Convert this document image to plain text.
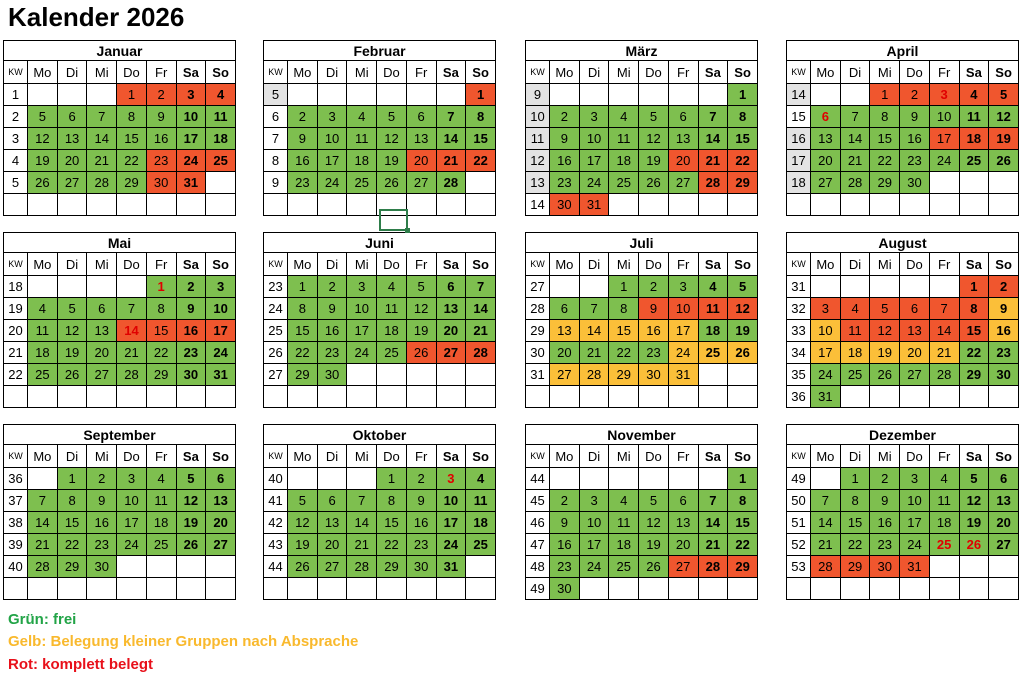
Kalender 2026
Januar							
KW	Mo	Di	Mi	Do	Fr	Sa	So
1				1	2	3	4
2	5	6	7	8	9	10	11
3	12	13	14	15	16	17	18
4	19	20	21	22	23	24	25
5	26	27	28	29	30	31	

Februar							
KW	Mo	Di	Mi	Do	Fr	Sa	So
5							1
6	2	3	4	5	6	7	8
7	9	10	11	12	13	14	15
8	16	17	18	19	20	21	22
9	23	24	25	26	27	28	

März							
KW	Mo	Di	Mi	Do	Fr	Sa	So
9							1
10	2	3	4	5	6	7	8
11	9	10	11	12	13	14	15
12	16	17	18	19	20	21	22
13	23	24	25	26	27	28	29
14	30	31					
April							
KW	Mo	Di	Mi	Do	Fr	Sa	So
14			1	2	3	4	5
15	6	7	8	9	10	11	12
16	13	14	15	16	17	18	19
17	20	21	22	23	24	25	26
18	27	28	29	30			

Mai							
KW	Mo	Di	Mi	Do	Fr	Sa	So
18					1	2	3
19	4	5	6	7	8	9	10
20	11	12	13	14	15	16	17
21	18	19	20	21	22	23	24
22	25	26	27	28	29	30	31

Juni							
KW	Mo	Di	Mi	Do	Fr	Sa	So
23	1	2	3	4	5	6	7
24	8	9	10	11	12	13	14
25	15	16	17	18	19	20	21
26	22	23	24	25	26	27	28
27	29	30					

Juli							
KW	Mo	Di	Mi	Do	Fr	Sa	So
27			1	2	3	4	5
28	6	7	8	9	10	11	12
29	13	14	15	16	17	18	19
30	20	21	22	23	24	25	26
31	27	28	29	30	31		

August							
KW	Mo	Di	Mi	Do	Fr	Sa	So
31						1	2
32	3	4	5	6	7	8	9
33	10	11	12	13	14	15	16
34	17	18	19	20	21	22	23
35	24	25	26	27	28	29	30
36	31						
September							
KW	Mo	Di	Mi	Do	Fr	Sa	So
36		1	2	3	4	5	6
37	7	8	9	10	11	12	13
38	14	15	16	17	18	19	20
39	21	22	23	24	25	26	27
40	28	29	30				

Oktober							
KW	Mo	Di	Mi	Do	Fr	Sa	So
40				1	2	3	4
41	5	6	7	8	9	10	11
42	12	13	14	15	16	17	18
43	19	20	21	22	23	24	25
44	26	27	28	29	30	31	

November							
KW	Mo	Di	Mi	Do	Fr	Sa	So
44							1
45	2	3	4	5	6	7	8
46	9	10	11	12	13	14	15
47	16	17	18	19	20	21	22
48	23	24	25	26	27	28	29
49	30						
Dezember							
KW	Mo	Di	Mi	Do	Fr	Sa	So
49		1	2	3	4	5	6
50	7	8	9	10	11	12	13
51	14	15	16	17	18	19	20
52	21	22	23	24	25	26	27
53	28	29	30	31			

Grün: frei
Gelb: Belegung kleiner Gruppen nach Absprache
Rot: komplett belegt
